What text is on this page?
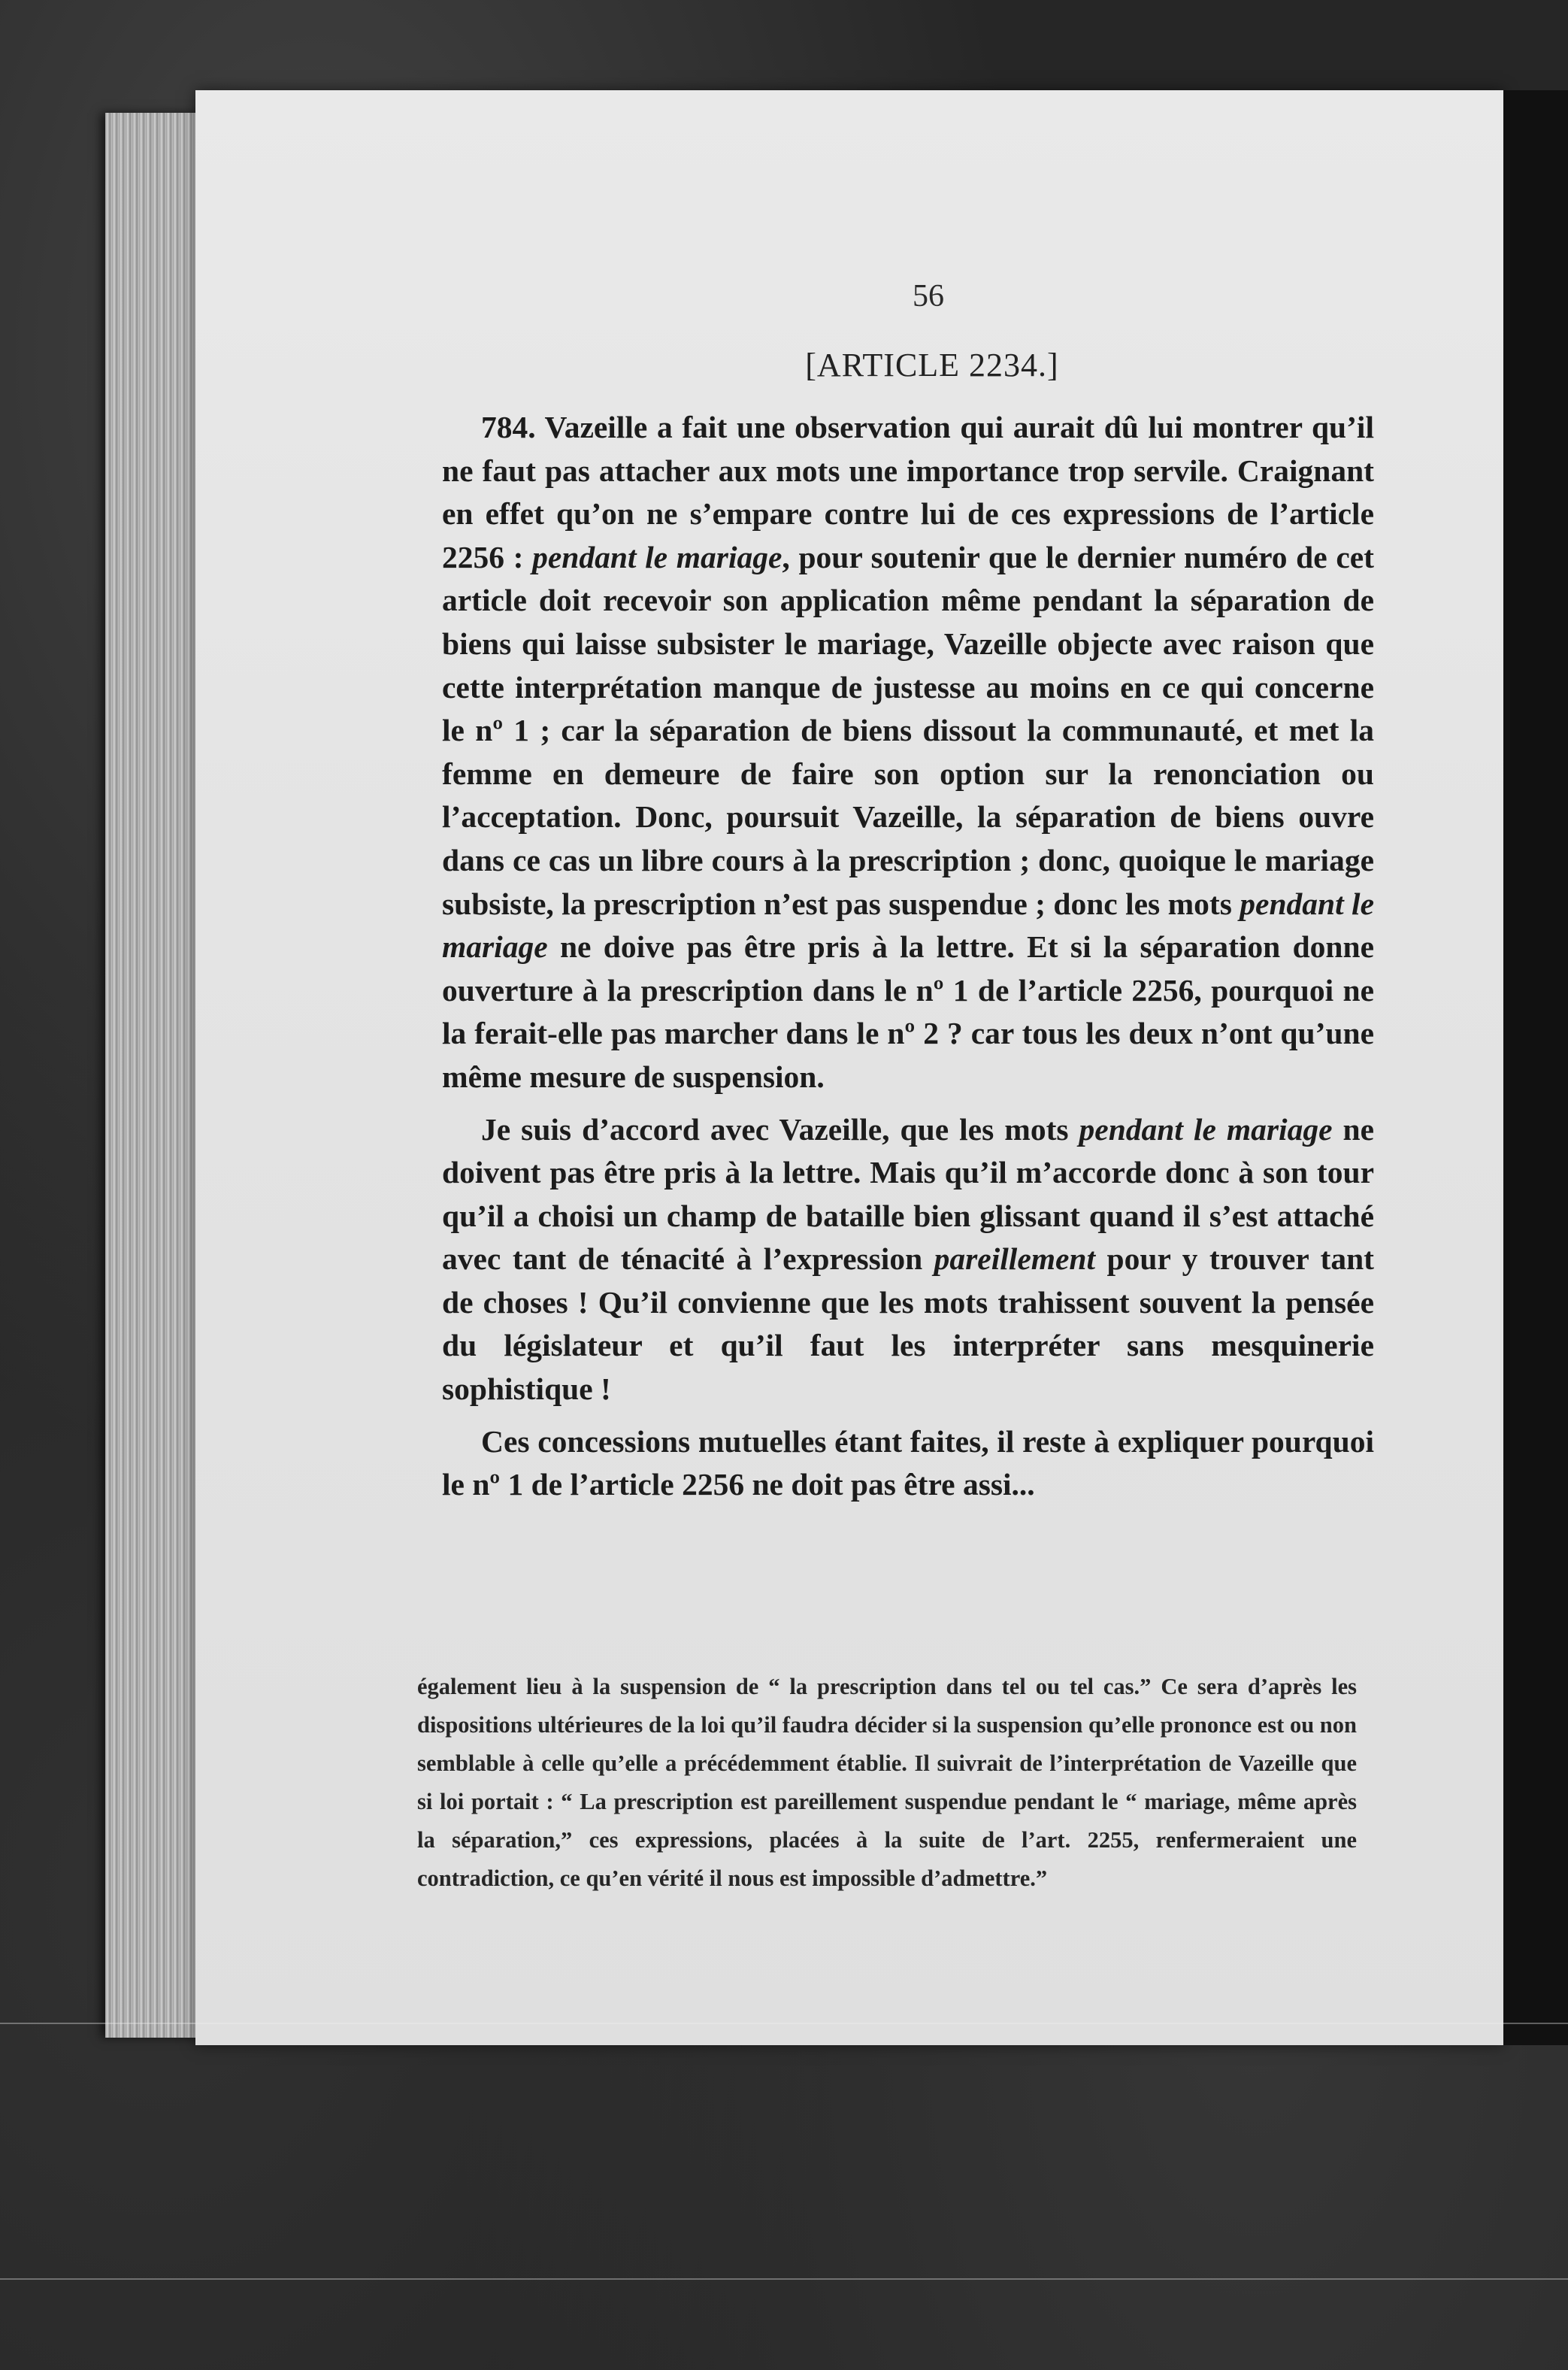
56
[ARTICLE 2234.]

784. Vazeille a fait une observation qui aurait dû lui montrer qu’il ne faut pas attacher aux mots une importance trop servile. Craignant en effet qu’on ne s’empare contre lui de ces expressions de l’article 2256 : pendant le mariage, pour soutenir que le dernier numéro de cet article doit recevoir son application même pendant la séparation de biens qui laisse subsister le mariage, Vazeille objecte avec raison que cette interprétation manque de justesse au moins en ce qui concerne le nº 1 ; car la séparation de biens dissout la communauté, et met la femme en demeure de faire son option sur la renonciation ou l’acceptation. Donc, poursuit Vazeille, la séparation de biens ouvre dans ce cas un libre cours à la prescription ; donc, quoique le mariage subsiste, la prescription n’est pas suspendue ; donc les mots pendant le mariage ne doive pas être pris à la lettre. Et si la séparation donne ouverture à la prescription dans le nº 1 de l’article 2256, pourquoi ne la ferait-elle pas marcher dans le nº 2 ? car tous les deux n’ont qu’une même mesure de suspension.

Je suis d’accord avec Vazeille, que les mots pendant le mariage ne doivent pas être pris à la lettre. Mais qu’il m’accorde donc à son tour qu’il a choisi un champ de bataille bien glissant quand il s’est attaché avec tant de ténacité à l’expression pareillement pour y trouver tant de choses ! Qu’il convienne que les mots trahissent souvent la pensée du législateur et qu’il faut les interpréter sans mesquinerie sophistique !

Ces concessions mutuelles étant faites, il reste à expliquer pourquoi le nº 1 de l’article 2256 ne doit pas être assi...

également lieu à la suspension de “ la prescription dans tel ou tel cas.” Ce sera d’après les dispositions ultérieures de la loi qu’il faudra décider si la suspension qu’elle prononce est ou non semblable à celle qu’elle a précédemment établie. Il suivrait de l’interprétation de Vazeille que si loi portait : “ La prescription est pareillement suspendue pendant le “ mariage, même après la séparation,” ces expressions, placées à la suite de l’art. 2255, renfermeraient une contradiction, ce qu’en vérité il nous est impossible d’admettre.”
